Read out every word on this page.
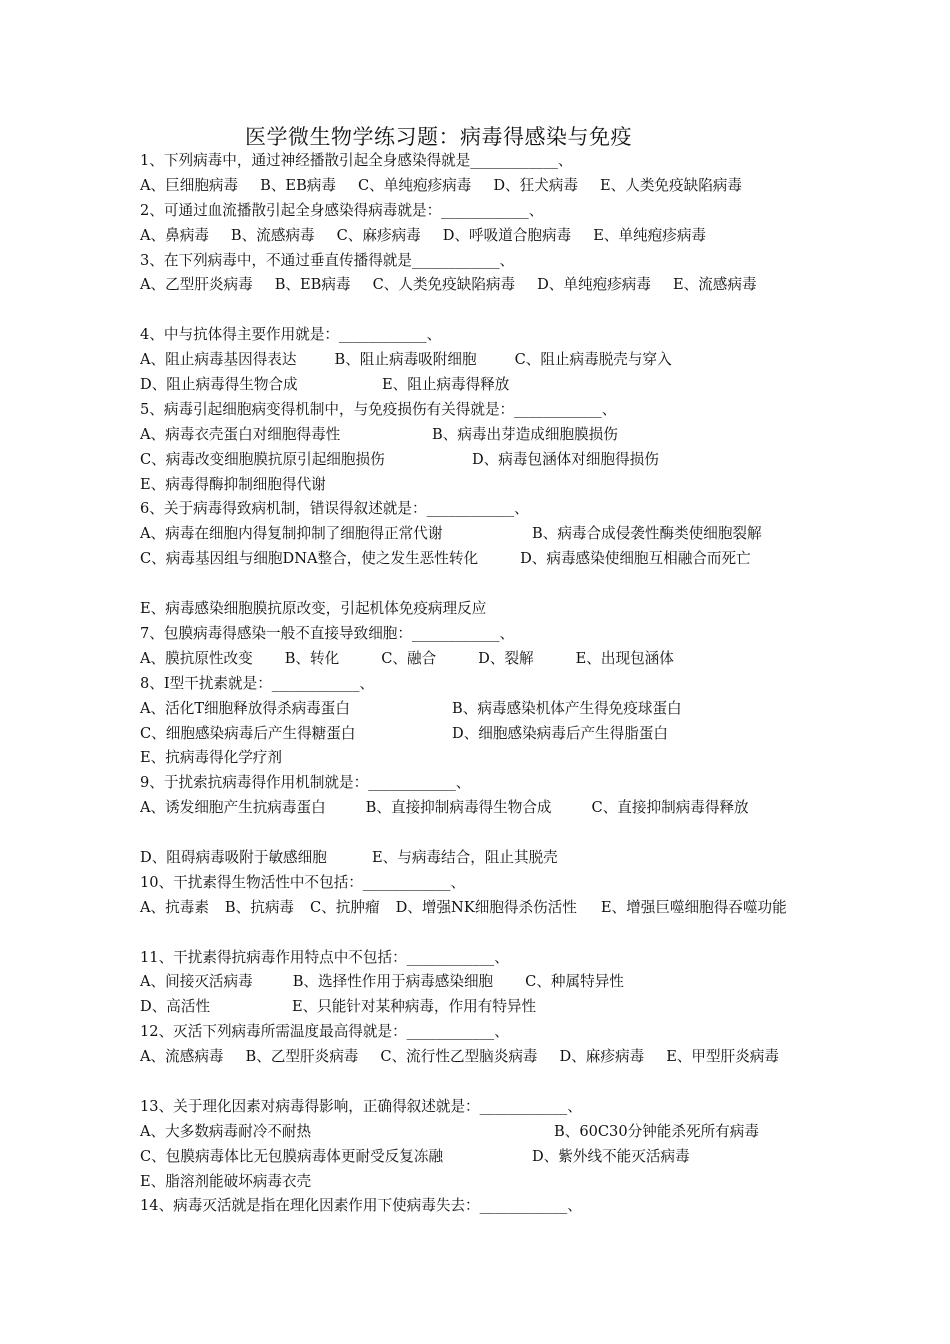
医学微生物学练习题：病毒得感染与免疫
1、下列病毒中，通过神经播散引起全身感染得就是____________、
A、巨细胞病毒 B、EB病毒 C、单纯疱疹病毒 D、狂犬病毒 E、人类免疫缺陷病毒
2、可通过血流播散引起全身感染得病毒就是：____________、
A、鼻病毒 B、流感病毒 C、麻疹病毒 D、呼吸道合胞病毒 E、单纯疱疹病毒
3、在下列病毒中，不通过垂直传播得就是____________、
A、乙型肝炎病毒 B、EB病毒 C、人类免疫缺陷病毒 D、单纯疱疹病毒 E、流感病毒
4、中与抗体得主要作用就是：____________、
A、阻止病毒基因得表达	B、阻止病毒吸附细胞	C、阻止病毒脱壳与穿入
D、阻止病毒得生物合成	E、阻止病毒得释放
5、病毒引起细胞病变得机制中，与免疫损伤有关得就是：____________、
A、病毒衣壳蛋白对细胞得毒性	B、病毒出芽造成细胞膜损伤
C、病毒改变细胞膜抗原引起细胞损伤	D、病毒包涵体对细胞得损伤
E、病毒得酶抑制细胞得代谢
6、关于病毒得致病机制，错误得叙述就是：____________、
A、病毒在细胞内得复制抑制了细胞得正常代谢	B、病毒合成侵袭性酶类使细胞裂解
C、病毒基因组与细胞DNA整合，使之发生恶性转化	D、病毒感染使细胞互相融合而死亡
E、病毒感染细胞膜抗原改变，引起机体免疫病理反应
7、包膜病毒得感染一般不直接导致细胞：____________、
A、膜抗原性改变 B、转化	C、融合	D、裂解	E、出现包涵体
8、I型干扰素就是：____________、
A、活化T细胞释放得杀病毒蛋白	B、病毒感染机体产生得免疫球蛋白
C、细胞感染病毒后产生得糖蛋白	D、细胞感染病毒后产生得脂蛋白
E、抗病毒得化学疗剂
9、于扰索抗病毒得作用机制就是：____________、
A、诱发细胞产生抗病毒蛋白	B、直接抑制病毒得生物合成	C、直接抑制病毒得释放
D、阻碍病毒吸附于敏感细胞	E、与病毒结合，阻止其脱壳
10、干扰素得生物活性中不包括：____________、
A、抗毒素 B、抗病毒 C、抗肿瘤 D、增强NK细胞得杀伤活性 E、增强巨噬细胞得吞噬功能
11、干扰素得抗病毒作用特点中不包括：____________、
A、间接灭活病毒	B、选择性作用于病毒感染细胞 C、种属特异性
D、高活性	E、只能针对某种病毒，作用有特异性
12、灭活下列病毒所需温度最高得就是：____________、
A、流感病毒 B、乙型肝炎病毒 C、流行性乙型脑炎病毒 D、麻疹病毒 E、甲型肝炎病毒
13、关于理化因素对病毒得影响，正确得叙述就是：____________、
A、大多数病毒耐冷不耐热	B、60C30分钟能杀死所有病毒
C、包膜病毒体比无包膜病毒体更耐受反复冻融	D、紫外线不能灭活病毒
E、脂溶剂能破坏病毒衣壳
14、病毒灭活就是指在理化因素作用下使病毒失去：____________、
